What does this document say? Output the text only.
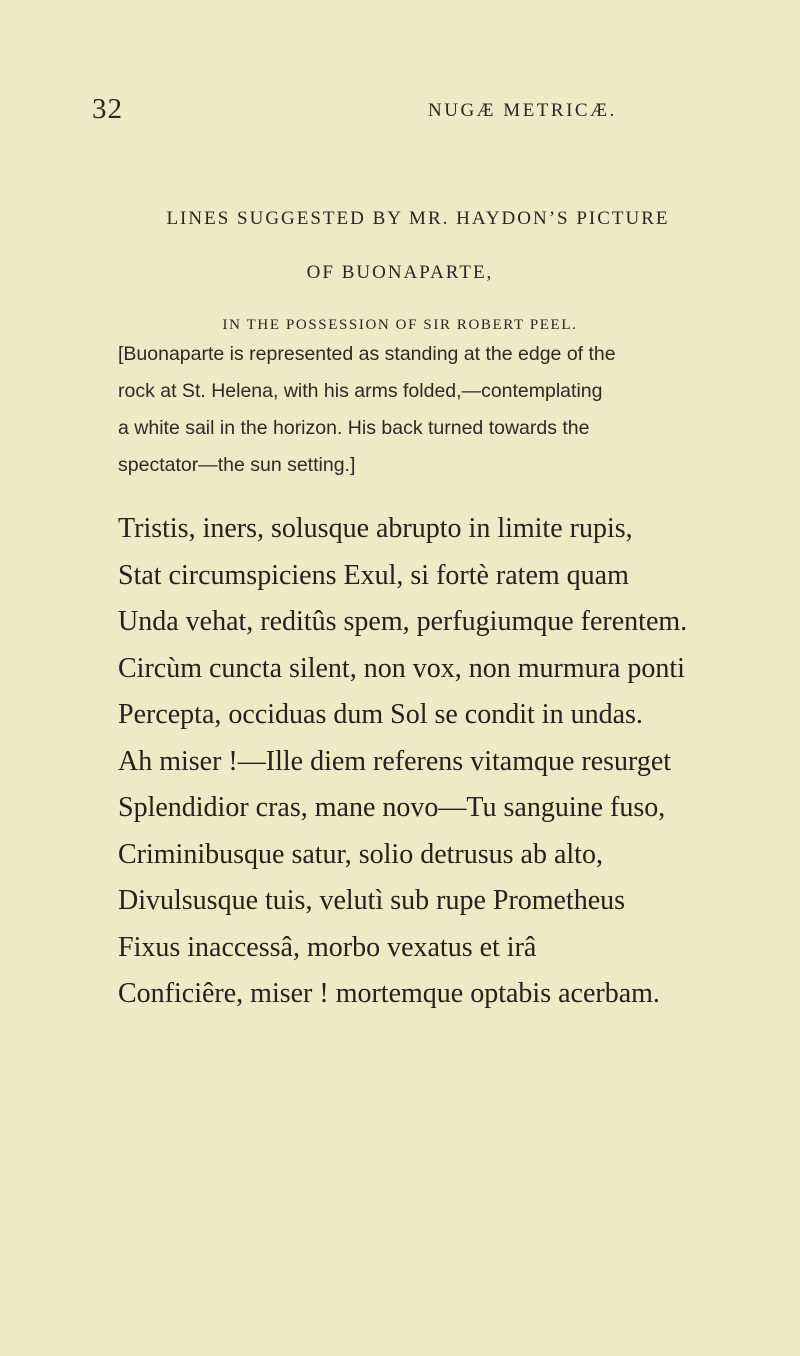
32	NUGÆ METRICÆ.
LINES SUGGESTED BY MR. HAYDON’S PICTURE
OF BUONAPARTE,
IN THE POSSESSION OF SIR ROBERT PEEL.
[Buonaparte is represented as standing at the edge of the
rock at St. Helena, with his arms folded,—contemplating
a white sail in the horizon. His back turned towards the
spectator—the sun setting.]
Tristis, iners, solusque abrupto in limite rupis,
Stat circumspiciens Exul, si fortè ratem quam
Unda vehat, reditûs spem, perfugiumque ferentem.
Circùm cuncta silent, non vox, non murmura ponti
Percepta, occiduas dum Sol se condit in undas.
Ah miser !—Ille diem referens vitamque resurget
Splendidior cras, mane novo—Tu sanguine fuso,
Criminibusque satur, solio detrusus ab alto,
Divulsusque tuis, velutì sub rupe Prometheus
Fixus inaccessâ, morbo vexatus et irâ
Conficiêre, miser ! mortemque optabis acerbam.
